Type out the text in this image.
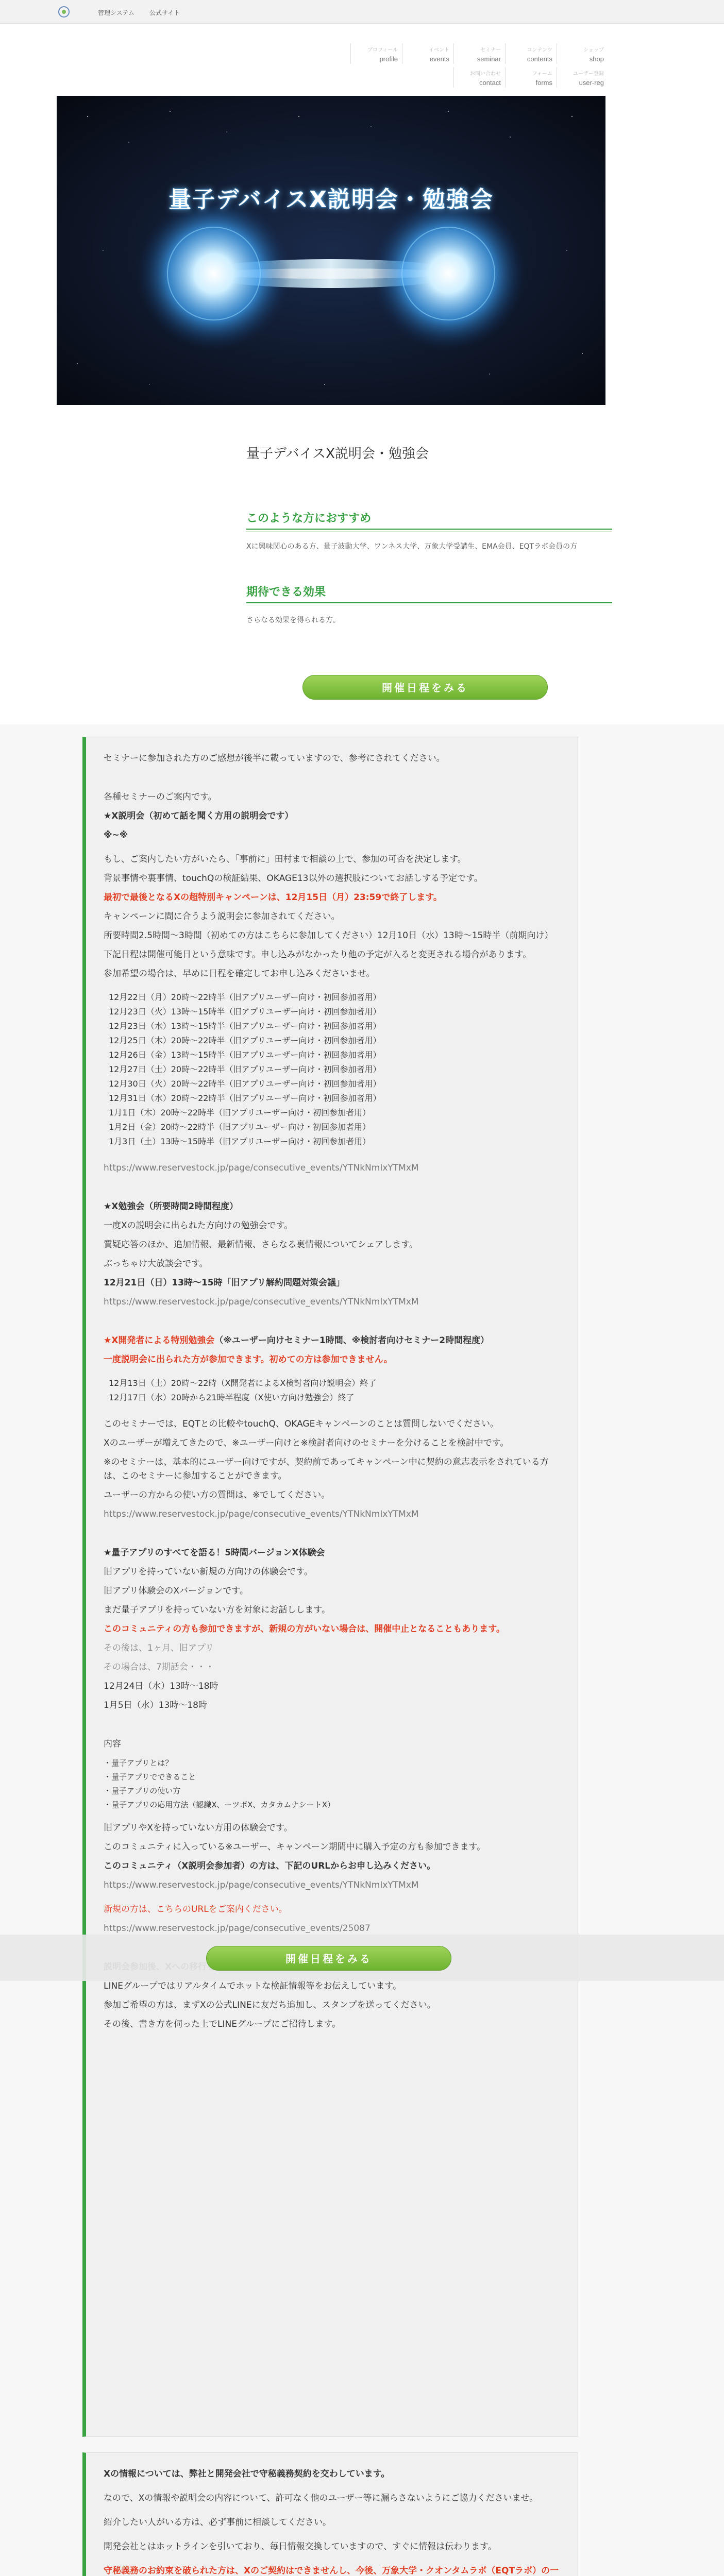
管理システム 公式サイト
プロフィール
profile
イベント
events
セミナー
seminar
コンテンツ
contents
ショップ
shop
お問い合わせ
contact
フォーム
forms
ユーザー登録
user-reg
量子デバイスX説明会・勉強会
量子デバイスX説明会・勉強会
このような方におすすめ
Xに興味関心のある方、量子波動大学、ワンネス大学、万象大学受講生、EMA会員、EQTラボ会員の方
期待できる効果
さらなる効果を得られる方。
開催日程をみる

セミナーに参加された方のご感想が後半に載っていますので、参考にされてください。

各種セミナーのご案内です。

★X説明会（初めて話を聞く方用の説明会です）

※~※

もし、ご案内したい方がいたら、「事前に」田村まで相談の上で、参加の可否を決定します。

背景事情や裏事情、touchQの検証結果、OKAGE13以外の選択肢についてお話しする予定です。

最初で最後となるXの超特別キャンペーンは、12月15日（月）23:59で終了します。

キャンペーンに間に合うよう説明会に参加されてください。

所要時間2.5時間〜3時間（初めての方はこちらに参加してください）12月10日（水）13時〜15時半（前期向け）

下記日程は開催可能日という意味です。申し込みがなかったり他の予定が入ると変更される場合があります。

参加希望の場合は、早めに日程を確定してお申し込みくださいませ。

12月22日（月）20時〜22時半（旧アプリユーザー向け・初回参加者用）

12月23日（火）13時〜15時半（旧アプリユーザー向け・初回参加者用）

12月23日（水）13時〜15時半（旧アプリユーザー向け・初回参加者用）

12月25日（木）20時〜22時半（旧アプリユーザー向け・初回参加者用）

12月26日（金）13時〜15時半（旧アプリユーザー向け・初回参加者用）

12月27日（土）20時〜22時半（旧アプリユーザー向け・初回参加者用）

12月30日（火）20時〜22時半（旧アプリユーザー向け・初回参加者用）

12月31日（水）20時〜22時半（旧アプリユーザー向け・初回参加者用）

1月1日（木）20時〜22時半（旧アプリユーザー向け・初回参加者用）

1月2日（金）20時〜22時半（旧アプリユーザー向け・初回参加者用）

1月3日（土）13時〜15時半（旧アプリユーザー向け・初回参加者用）

https://www.reservestock.jp/page/consecutive_events/YTNkNmIxYTMxM

★X勉強会（所要時間2時間程度）

一度Xの説明会に出られた方向けの勉強会です。

質疑応答のほか、追加情報、最新情報、さらなる裏情報についてシェアします。

ぶっちゃけ大放談会です。

12月21日（日）13時〜15時「旧アプリ解約問題対策会議」

https://www.reservestock.jp/page/consecutive_events/YTNkNmIxYTMxM

★X開発者による特別勉強会（※ユーザー向けセミナー1時間、※検討者向けセミナー2時間程度）

一度説明会に出られた方が参加できます。初めての方は参加できません。

12月13日（土）20時〜22時（X開発者によるX検討者向け説明会）終了

12月17日（水）20時から21時半程度（X使い方向け勉強会）終了

このセミナーでは、EQTとの比較やtouchQ、OKAGEキャンペーンのことは質問しないでください。

Xのユーザーが増えてきたので、※ユーザー向けと※検討者向けのセミナーを分けることを検討中です。

※のセミナーは、基本的にユーザー向けですが、契約前であってキャンペーン中に契約の意志表示をされている方は、このセミナーに参加することができます。

ユーザーの方からの使い方の質問は、※でしてください。

https://www.reservestock.jp/page/consecutive_events/YTNkNmIxYTMxM

★量子アプリのすべてを語る！5時間バージョンX体験会

旧アプリを持っていない新規の方向けの体験会です。

旧アプリ体験会のXバージョンです。

まだ量子アプリを持っていない方を対象にお話しします。

このコミュニティの方も参加できますが、新規の方がいない場合は、開催中止となることもあります。

その後は、1ヶ月、旧アプリ

その場合は、7期話会・・・

12月24日（水）13時〜18時

1月5日（水）13時〜18時

内容

・量子アプリとは？

・量子アプリでできること

・量子アプリの使い方

・量子アプリの応用方法（認識X、ーツボX、カタカムナシートX）

旧アプリやXを持っていない方用の体験会です。

このコミュニティに入っている※ユーザー、キャンペーン期間中に購入予定の方も参加できます。

このコミュニティ（X説明会参加者）の方は、下記のURLからお申し込みください。

https://www.reservestock.jp/page/consecutive_events/YTNkNmIxYTMxM

新規の方は、こちらのURLをご案内ください。

https://www.reservestock.jp/page/consecutive_events/25087

LINEグループではリアルタイムでホットな検証情報等をお伝えしています。

参加ご希望の方は、まずXの公式LINEに友だち追加し、スタンプを送ってください。

その後、書き方を伺った上でLINEグループにご招待します。

Xの情報については、弊社と開発会社で守秘義務契約を交わしています。

なので、Xの情報や説明会の内容について、許可なく他のユーザー等に漏らさないようにご協力くださいませ。

紹介したい人がいる方は、必ず事前に相談してください。

開発会社とはホットラインを引いており、毎日情報交換していますので、すぐに情報は伝わります。

守秘義務のお約束を破られた方は、Xのご契約はできませんし、今後、万象大学・クオンタムラボ（EQTラボ）の一

開催日程をみる
